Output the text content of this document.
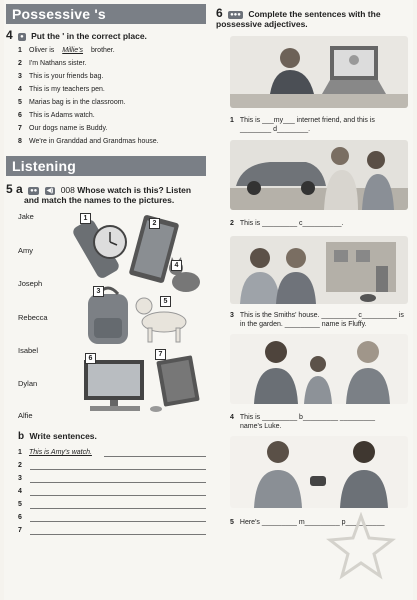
Possessive 's
4 ● Put the ' in the correct place.
1 Oliver is Millie's brother.
2 I'm Nathans sister.
3 This is your friends bag.
4 This is my teachers pen.
5 Marias bag is in the classroom.
6 This is Adams watch.
7 Our dogs name is Buddy.
8 We're in Granddad and Grandmas house.
Listening
5 a ●● ◀) 008 Whose watch is this? Listen
and match the names to the pictures.
Jake
Amy
Joseph
Rebecca
Isabel
Dylan
Alfie
1
2
3
4
5
6
7
b Write sentences.
1 This is Amy's watch.
2
3
4
5
6
7
6 ●●● Complete the sentences with the
possessive adjectives.
1 This is ___my___ internet friend, and this is
________ d________.
2 This is _________ c__________.
3 This is the Smiths' house. _________ c_________ is
in the garden. _________ name is Fluffy.
4 This is _________ b_________ _________
name's Luke.
5 Here's _________ m_________ p__________
